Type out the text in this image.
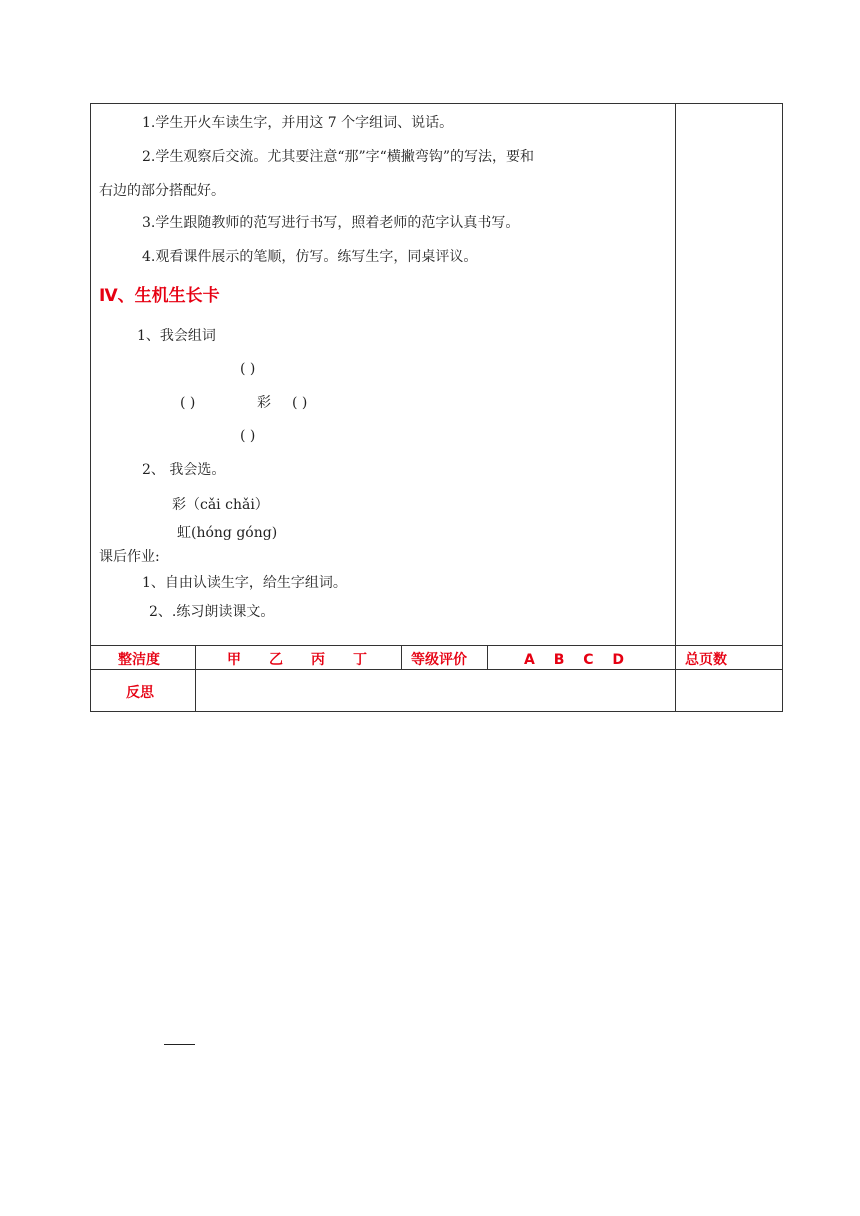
1.学生开火车读生字，并用这 7 个字组词、说话。
2.学生观察后交流。尤其要注意“那”字“横撇弯钩”的写法，要和
右边的部分搭配好。
3.学生跟随教师的范写进行书写，照着老师的范字认真书写。
4.观看课件展示的笔顺，仿写。练写生字，同桌评议。
Ⅳ、生机生长卡
1、我会组词
( )
( )	彩 ( )
( )
2、 我会选。
彩（cǎi chǎi）
虹(hóng góng)
课后作业:
1、自由认读生字，给生字组词。
2、.练习朗读课文。
整洁度	甲　　乙　　丙　　丁	等级评价	A　 B　 C　 D	总页数
反思
